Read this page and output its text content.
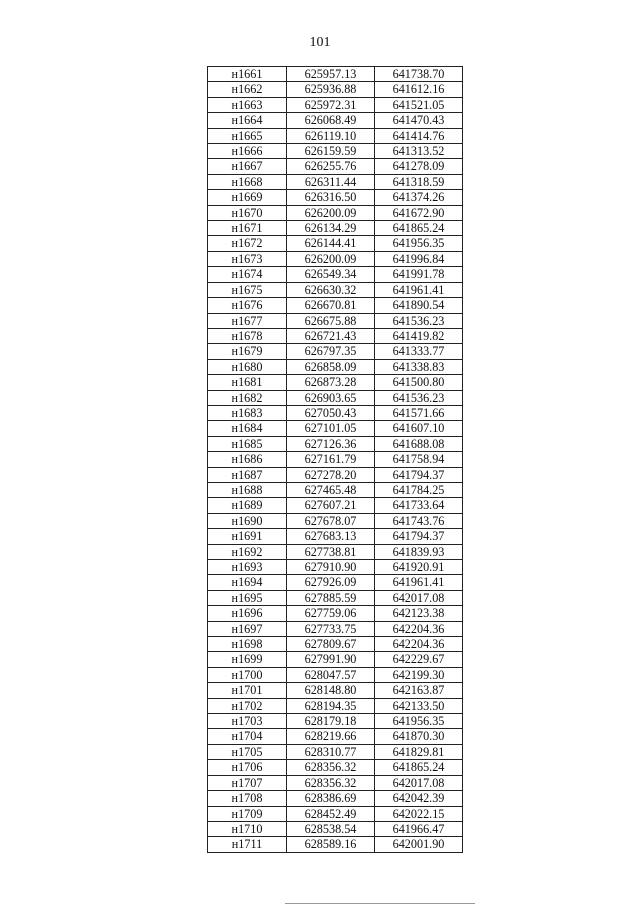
101
н1661	625957.13	641738.70
н1662	625936.88	641612.16
н1663	625972.31	641521.05
н1664	626068.49	641470.43
н1665	626119.10	641414.76
н1666	626159.59	641313.52
н1667	626255.76	641278.09
н1668	626311.44	641318.59
н1669	626316.50	641374.26
н1670	626200.09	641672.90
н1671	626134.29	641865.24
н1672	626144.41	641956.35
н1673	626200.09	641996.84
н1674	626549.34	641991.78
н1675	626630.32	641961.41
н1676	626670.81	641890.54
н1677	626675.88	641536.23
н1678	626721.43	641419.82
н1679	626797.35	641333.77
н1680	626858.09	641338.83
н1681	626873.28	641500.80
н1682	626903.65	641536.23
н1683	627050.43	641571.66
н1684	627101.05	641607.10
н1685	627126.36	641688.08
н1686	627161.79	641758.94
н1687	627278.20	641794.37
н1688	627465.48	641784.25
н1689	627607.21	641733.64
н1690	627678.07	641743.76
н1691	627683.13	641794.37
н1692	627738.81	641839.93
н1693	627910.90	641920.91
н1694	627926.09	641961.41
н1695	627885.59	642017.08
н1696	627759.06	642123.38
н1697	627733.75	642204.36
н1698	627809.67	642204.36
н1699	627991.90	642229.67
н1700	628047.57	642199.30
н1701	628148.80	642163.87
н1702	628194.35	642133.50
н1703	628179.18	641956.35
н1704	628219.66	641870.30
н1705	628310.77	641829.81
н1706	628356.32	641865.24
н1707	628356.32	642017.08
н1708	628386.69	642042.39
н1709	628452.49	642022.15
н1710	628538.54	641966.47
н1711	628589.16	642001.90
